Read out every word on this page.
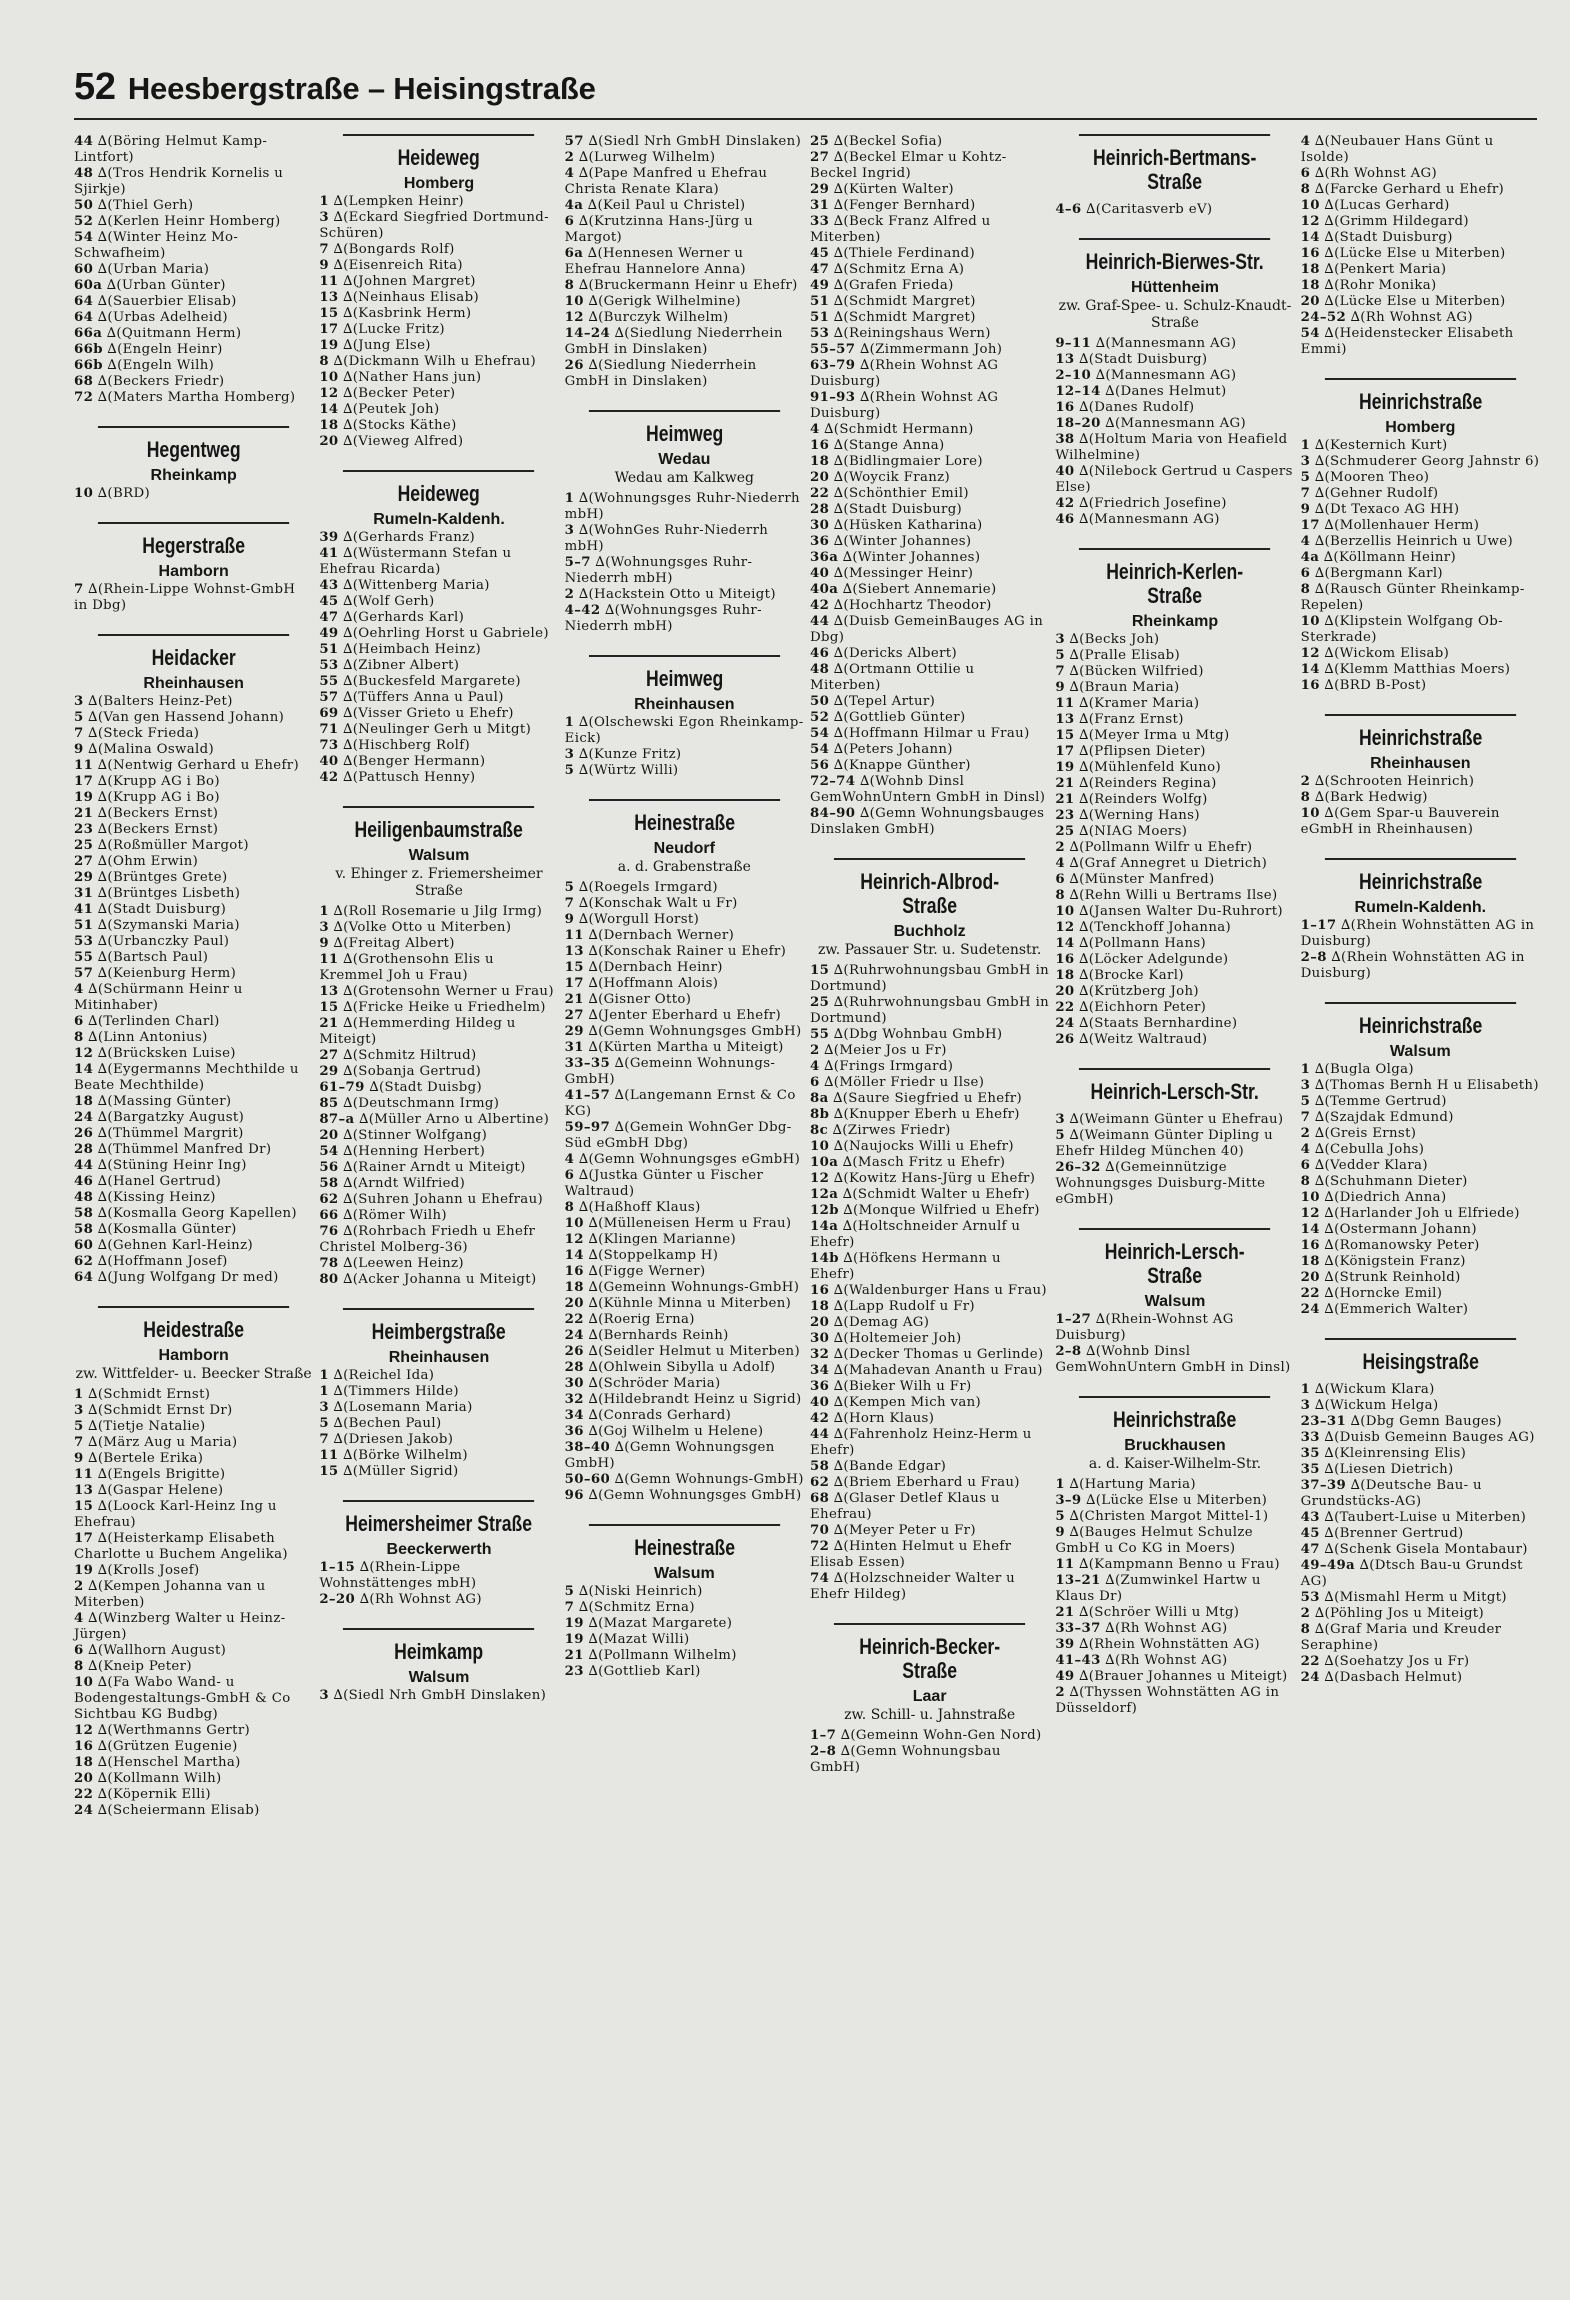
52 Heesbergstraße – Heisingstraße
44 ∆(Böring Helmut Kamp-Lintfort)
48 ∆(Tros Hendrik Kornelis u Sjirkje)
50 ∆(Thiel Gerh)
52 ∆(Kerlen Heinr Homberg)
54 ∆(Winter Heinz Mo-Schwafheim)
60 ∆(Urban Maria)
60a ∆(Urban Günter)
64 ∆(Sauerbier Elisab)
64 ∆(Urbas Adelheid)
66a ∆(Quitmann Herm)
66b ∆(Engeln Heinr)
66b ∆(Engeln Wilh)
68 ∆(Beckers Friedr)
72 ∆(Maters Martha Homberg)
Hegentweg
Rheinkamp
10 ∆(BRD)
Hegerstraße
Hamborn
7 ∆(Rhein-Lippe Wohnst-GmbH in Dbg)
Heidacker
Rheinhausen
3 ∆(Balters Heinz-Pet)
5 ∆(Van gen Hassend Johann)
7 ∆(Steck Frieda)
9 ∆(Malina Oswald)
11 ∆(Nentwig Gerhard u Ehefr)
17 ∆(Krupp AG i Bo)
19 ∆(Krupp AG i Bo)
21 ∆(Beckers Ernst)
23 ∆(Beckers Ernst)
25 ∆(Roßmüller Margot)
27 ∆(Ohm Erwin)
29 ∆(Brüntges Grete)
31 ∆(Brüntges Lisbeth)
41 ∆(Stadt Duisburg)
51 ∆(Szymanski Maria)
53 ∆(Urbanczky Paul)
55 ∆(Bartsch Paul)
57 ∆(Keienburg Herm)
4 ∆(Schürmann Heinr u Mitinhaber)
6 ∆(Terlinden Charl)
8 ∆(Linn Antonius)
12 ∆(Brücksken Luise)
14 ∆(Eygermanns Mechthilde u Beate Mechthilde)
18 ∆(Massing Günter)
24 ∆(Bargatzky August)
26 ∆(Thümmel Margrit)
28 ∆(Thümmel Manfred Dr)
44 ∆(Stüning Heinr Ing)
46 ∆(Hanel Gertrud)
48 ∆(Kissing Heinz)
58 ∆(Kosmalla Georg Kapellen)
58 ∆(Kosmalla Günter)
60 ∆(Gehnen Karl-Heinz)
62 ∆(Hoffmann Josef)
64 ∆(Jung Wolfgang Dr med)
Heidestraße
Hamborn
zw. Wittfelder- u. Beecker Straße
1 ∆(Schmidt Ernst)
3 ∆(Schmidt Ernst Dr)
5 ∆(Tietje Natalie)
7 ∆(März Aug u Maria)
9 ∆(Bertele Erika)
11 ∆(Engels Brigitte)
13 ∆(Gaspar Helene)
15 ∆(Loock Karl-Heinz Ing u Ehefrau)
17 ∆(Heisterkamp Elisabeth Charlotte u Buchem Angelika)
19 ∆(Krolls Josef)
2 ∆(Kempen Johanna van u Miterben)
4 ∆(Winzberg Walter u Heinz-Jürgen)
6 ∆(Wallhorn August)
8 ∆(Kneip Peter)
10 ∆(Fa Wabo Wand- u Bodengestaltungs-GmbH & Co Sichtbau KG Budbg)
12 ∆(Werthmanns Gertr)
16 ∆(Grützen Eugenie)
18 ∆(Henschel Martha)
20 ∆(Kollmann Wilh)
22 ∆(Köpernik Elli)
24 ∆(Scheiermann Elisab)
Heideweg
Homberg
1 ∆(Lempken Heinr)
3 ∆(Eckard Siegfried Dortmund-Schüren)
7 ∆(Bongards Rolf)
9 ∆(Eisenreich Rita)
11 ∆(Johnen Margret)
13 ∆(Neinhaus Elisab)
15 ∆(Kasbrink Herm)
17 ∆(Lucke Fritz)
19 ∆(Jung Else)
8 ∆(Dickmann Wilh u Ehefrau)
10 ∆(Nather Hans jun)
12 ∆(Becker Peter)
14 ∆(Peutek Joh)
18 ∆(Stocks Käthe)
20 ∆(Vieweg Alfred)
Heideweg
Rumeln-Kaldenh.
39 ∆(Gerhards Franz)
41 ∆(Wüstermann Stefan u Ehefrau Ricarda)
43 ∆(Wittenberg Maria)
45 ∆(Wolf Gerh)
47 ∆(Gerhards Karl)
49 ∆(Oehrling Horst u Gabriele)
51 ∆(Heimbach Heinz)
53 ∆(Zibner Albert)
55 ∆(Buckesfeld Margarete)
57 ∆(Tüffers Anna u Paul)
69 ∆(Visser Grieto u Ehefr)
71 ∆(Neulinger Gerh u Mitgt)
73 ∆(Hischberg Rolf)
40 ∆(Benger Hermann)
42 ∆(Pattusch Henny)
Heiligenbaumstraße
Walsum
v. Ehinger z. Friemersheimer Straße
1 ∆(Roll Rosemarie u Jilg Irmg)
3 ∆(Volke Otto u Miterben)
9 ∆(Freitag Albert)
11 ∆(Grothensohn Elis u Kremmel Joh u Frau)
13 ∆(Grotensohn Werner u Frau)
15 ∆(Fricke Heike u Friedhelm)
21 ∆(Hemmerding Hildeg u Miteigt)
27 ∆(Schmitz Hiltrud)
29 ∆(Sobanja Gertrud)
61–79 ∆(Stadt Duisbg)
85 ∆(Deutschmann Irmg)
87–a ∆(Müller Arno u Albertine)
20 ∆(Stinner Wolfgang)
54 ∆(Henning Herbert)
56 ∆(Rainer Arndt u Miteigt)
58 ∆(Arndt Wilfried)
62 ∆(Suhren Johann u Ehefrau)
66 ∆(Römer Wilh)
76 ∆(Rohrbach Friedh u Ehefr Christel Molberg-36)
78 ∆(Leewen Heinz)
80 ∆(Acker Johanna u Miteigt)
Heimbergstraße
Rheinhausen
1 ∆(Reichel Ida)
1 ∆(Timmers Hilde)
3 ∆(Losemann Maria)
5 ∆(Bechen Paul)
7 ∆(Driesen Jakob)
11 ∆(Börke Wilhelm)
15 ∆(Müller Sigrid)
Heimersheimer Straße
Beeckerwerth
1–15 ∆(Rhein-Lippe Wohnstättenges mbH)
2–20 ∆(Rh Wohnst AG)
Heimkamp
Walsum
3 ∆(Siedl Nrh GmbH Dinslaken)
57 ∆(Siedl Nrh GmbH Dinslaken)
2 ∆(Lurweg Wilhelm)
4 ∆(Pape Manfred u Ehefrau Christa Renate Klara)
4a ∆(Keil Paul u Christel)
6 ∆(Krutzinna Hans-Jürg u Margot)
6a ∆(Hennesen Werner u Ehefrau Hannelore Anna)
8 ∆(Bruckermann Heinr u Ehefr)
10 ∆(Gerigk Wilhelmine)
12 ∆(Burczyk Wilhelm)
14–24 ∆(Siedlung Niederrhein GmbH in Dinslaken)
26 ∆(Siedlung Niederrhein GmbH in Dinslaken)
Heimweg
Wedau
Wedau am Kalkweg
1 ∆(Wohnungsges Ruhr-Niederrh mbH)
3 ∆(WohnGes Ruhr-Niederrh mbH)
5–7 ∆(Wohnungsges Ruhr-Niederrh mbH)
2 ∆(Hackstein Otto u Miteigt)
4–42 ∆(Wohnungsges Ruhr-Niederrh mbH)
Heimweg
Rheinhausen
1 ∆(Olschewski Egon Rheinkamp-Eick)
3 ∆(Kunze Fritz)
5 ∆(Würtz Willi)
Heinestraße
Neudorf
a. d. Grabenstraße
5 ∆(Roegels Irmgard)
7 ∆(Konschak Walt u Fr)
9 ∆(Worgull Horst)
11 ∆(Dernbach Werner)
13 ∆(Konschak Rainer u Ehefr)
15 ∆(Dernbach Heinr)
17 ∆(Hoffmann Alois)
21 ∆(Gisner Otto)
27 ∆(Jenter Eberhard u Ehefr)
29 ∆(Gemn Wohnungsges GmbH)
31 ∆(Kürten Martha u Miteigt)
33–35 ∆(Gemeinn Wohnungs-GmbH)
41–57 ∆(Langemann Ernst & Co KG)
59–97 ∆(Gemein WohnGer Dbg-Süd eGmbH Dbg)
4 ∆(Gemn Wohnungsges eGmbH)
6 ∆(Justka Günter u Fischer Waltraud)
8 ∆(Haßhoff Klaus)
10 ∆(Mülleneisen Herm u Frau)
12 ∆(Klingen Marianne)
14 ∆(Stoppelkamp H)
16 ∆(Figge Werner)
18 ∆(Gemeinn Wohnungs-GmbH)
20 ∆(Kühnle Minna u Miterben)
22 ∆(Roerig Erna)
24 ∆(Bernhards Reinh)
26 ∆(Seidler Helmut u Miterben)
28 ∆(Ohlwein Sibylla u Adolf)
30 ∆(Schröder Maria)
32 ∆(Hildebrandt Heinz u Sigrid)
34 ∆(Conrads Gerhard)
36 ∆(Goj Wilhelm u Helene)
38–40 ∆(Gemn Wohnungsgen GmbH)
50–60 ∆(Gemn Wohnungs-GmbH)
96 ∆(Gemn Wohnungsges GmbH)
Heinestraße
Walsum
5 ∆(Niski Heinrich)
7 ∆(Schmitz Erna)
19 ∆(Mazat Margarete)
19 ∆(Mazat Willi)
21 ∆(Pollmann Wilhelm)
23 ∆(Gottlieb Karl)
25 ∆(Beckel Sofia)
27 ∆(Beckel Elmar u Kohtz-Beckel Ingrid)
29 ∆(Kürten Walter)
31 ∆(Fenger Bernhard)
33 ∆(Beck Franz Alfred u Miterben)
45 ∆(Thiele Ferdinand)
47 ∆(Schmitz Erna A)
49 ∆(Grafen Frieda)
51 ∆(Schmidt Margret)
51 ∆(Schmidt Margret)
53 ∆(Reiningshaus Wern)
55–57 ∆(Zimmermann Joh)
63–79 ∆(Rhein Wohnst AG Duisburg)
91–93 ∆(Rhein Wohnst AG Duisburg)
4 ∆(Schmidt Hermann)
16 ∆(Stange Anna)
18 ∆(Bidlingmaier Lore)
20 ∆(Woycik Franz)
22 ∆(Schönthier Emil)
28 ∆(Stadt Duisburg)
30 ∆(Hüsken Katharina)
36 ∆(Winter Johannes)
36a ∆(Winter Johannes)
40 ∆(Messinger Heinr)
40a ∆(Siebert Annemarie)
42 ∆(Hochhartz Theodor)
44 ∆(Duisb GemeinBauges AG in Dbg)
46 ∆(Dericks Albert)
48 ∆(Ortmann Ottilie u Miterben)
50 ∆(Tepel Artur)
52 ∆(Gottlieb Günter)
54 ∆(Hoffmann Hilmar u Frau)
54 ∆(Peters Johann)
56 ∆(Knappe Günther)
72–74 ∆(Wohnb Dinsl GemWohnUntern GmbH in Dinsl)
84–90 ∆(Gemn Wohnungsbauges Dinslaken GmbH)
Heinrich-Albrod-Straße
Buchholz
zw. Passauer Str. u. Sudetenstr.
15 ∆(Ruhrwohnungsbau GmbH in Dortmund)
25 ∆(Ruhrwohnungsbau GmbH in Dortmund)
55 ∆(Dbg Wohnbau GmbH)
2 ∆(Meier Jos u Fr)
4 ∆(Frings Irmgard)
6 ∆(Möller Friedr u Ilse)
8a ∆(Saure Siegfried u Ehefr)
8b ∆(Knupper Eberh u Ehefr)
8c ∆(Zirwes Friedr)
10 ∆(Naujocks Willi u Ehefr)
10a ∆(Masch Fritz u Ehefr)
12 ∆(Kowitz Hans-Jürg u Ehefr)
12a ∆(Schmidt Walter u Ehefr)
12b ∆(Monque Wilfried u Ehefr)
14a ∆(Holtschneider Arnulf u Ehefr)
14b ∆(Höfkens Hermann u Ehefr)
16 ∆(Waldenburger Hans u Frau)
18 ∆(Lapp Rudolf u Fr)
20 ∆(Demag AG)
30 ∆(Holtemeier Joh)
32 ∆(Decker Thomas u Gerlinde)
34 ∆(Mahadevan Ananth u Frau)
36 ∆(Bieker Wilh u Fr)
40 ∆(Kempen Mich van)
42 ∆(Horn Klaus)
44 ∆(Fahrenholz Heinz-Herm u Ehefr)
58 ∆(Bande Edgar)
62 ∆(Briem Eberhard u Frau)
68 ∆(Glaser Detlef Klaus u Ehefrau)
70 ∆(Meyer Peter u Fr)
72 ∆(Hinten Helmut u Ehefr Elisab Essen)
74 ∆(Holzschneider Walter u Ehefr Hildeg)
Heinrich-Becker-Straße
Laar
zw. Schill- u. Jahnstraße
1–7 ∆(Gemeinn Wohn-Gen Nord)
2–8 ∆(Gemn Wohnungsbau GmbH)
Heinrich-Bertmans-Straße
4–6 ∆(Caritasverb eV)
Heinrich-Bierwes-Str.
Hüttenheim
zw. Graf-Spee- u. Schulz-Knaudt-Straße
9–11 ∆(Mannesmann AG)
13 ∆(Stadt Duisburg)
2–10 ∆(Mannesmann AG)
12–14 ∆(Danes Helmut)
16 ∆(Danes Rudolf)
18–20 ∆(Mannesmann AG)
38 ∆(Holtum Maria von Heafield Wilhelmine)
40 ∆(Nilebock Gertrud u Caspers Else)
42 ∆(Friedrich Josefine)
46 ∆(Mannesmann AG)
Heinrich-Kerlen-Straße
Rheinkamp
3 ∆(Becks Joh)
5 ∆(Pralle Elisab)
7 ∆(Bücken Wilfried)
9 ∆(Braun Maria)
11 ∆(Kramer Maria)
13 ∆(Franz Ernst)
15 ∆(Meyer Irma u Mtg)
17 ∆(Pflipsen Dieter)
19 ∆(Mühlenfeld Kuno)
21 ∆(Reinders Regina)
21 ∆(Reinders Wolfg)
23 ∆(Werning Hans)
25 ∆(NIAG Moers)
2 ∆(Pollmann Wilfr u Ehefr)
4 ∆(Graf Annegret u Dietrich)
6 ∆(Münster Manfred)
8 ∆(Rehn Willi u Bertrams Ilse)
10 ∆(Jansen Walter Du-Ruhrort)
12 ∆(Tenckhoff Johanna)
14 ∆(Pollmann Hans)
16 ∆(Löcker Adelgunde)
18 ∆(Brocke Karl)
20 ∆(Krützberg Joh)
22 ∆(Eichhorn Peter)
24 ∆(Staats Bernhardine)
26 ∆(Weitz Waltraud)
Heinrich-Lersch-Str.
3 ∆(Weimann Günter u Ehefrau)
5 ∆(Weimann Günter Dipling u Ehefr Hildeg München 40)
26–32 ∆(Gemeinnützige Wohnungsges Duisburg-Mitte eGmbH)
Heinrich-Lersch-Straße
Walsum
1–27 ∆(Rhein-Wohnst AG Duisburg)
2–8 ∆(Wohnb Dinsl GemWohnUntern GmbH in Dinsl)
Heinrichstraße
Bruckhausen
a. d. Kaiser-Wilhelm-Str.
1 ∆(Hartung Maria)
3–9 ∆(Lücke Else u Miterben)
5 ∆(Christen Margot Mittel-1)
9 ∆(Bauges Helmut Schulze GmbH u Co KG in Moers)
11 ∆(Kampmann Benno u Frau)
13–21 ∆(Zumwinkel Hartw u Klaus Dr)
21 ∆(Schröer Willi u Mtg)
33–37 ∆(Rh Wohnst AG)
39 ∆(Rhein Wohnstätten AG)
41–43 ∆(Rh Wohnst AG)
49 ∆(Brauer Johannes u Miteigt)
2 ∆(Thyssen Wohnstätten AG in Düsseldorf)
4 ∆(Neubauer Hans Günt u Isolde)
6 ∆(Rh Wohnst AG)
8 ∆(Farcke Gerhard u Ehefr)
10 ∆(Lucas Gerhard)
12 ∆(Grimm Hildegard)
14 ∆(Stadt Duisburg)
16 ∆(Lücke Else u Miterben)
18 ∆(Penkert Maria)
18 ∆(Rohr Monika)
20 ∆(Lücke Else u Miterben)
24–52 ∆(Rh Wohnst AG)
54 ∆(Heidenstecker Elisabeth Emmi)
Heinrichstraße
Homberg
1 ∆(Kesternich Kurt)
3 ∆(Schmuderer Georg Jahnstr 6)
5 ∆(Mooren Theo)
7 ∆(Gehner Rudolf)
9 ∆(Dt Texaco AG HH)
17 ∆(Mollenhauer Herm)
4 ∆(Berzellis Heinrich u Uwe)
4a ∆(Köllmann Heinr)
6 ∆(Bergmann Karl)
8 ∆(Rausch Günter Rheinkamp-Repelen)
10 ∆(Klipstein Wolfgang Ob-Sterkrade)
12 ∆(Wickom Elisab)
14 ∆(Klemm Matthias Moers)
16 ∆(BRD B-Post)
Heinrichstraße
Rheinhausen
2 ∆(Schrooten Heinrich)
8 ∆(Bark Hedwig)
10 ∆(Gem Spar-u Bauverein eGmbH in Rheinhausen)
Heinrichstraße
Rumeln-Kaldenh.
1–17 ∆(Rhein Wohnstätten AG in Duisburg)
2–8 ∆(Rhein Wohnstätten AG in Duisburg)
Heinrichstraße
Walsum
1 ∆(Bugla Olga)
3 ∆(Thomas Bernh H u Elisabeth)
5 ∆(Temme Gertrud)
7 ∆(Szajdak Edmund)
2 ∆(Greis Ernst)
4 ∆(Cebulla Johs)
6 ∆(Vedder Klara)
8 ∆(Schuhmann Dieter)
10 ∆(Diedrich Anna)
12 ∆(Harlander Joh u Elfriede)
14 ∆(Ostermann Johann)
16 ∆(Romanowsky Peter)
18 ∆(Königstein Franz)
20 ∆(Strunk Reinhold)
22 ∆(Horncke Emil)
24 ∆(Emmerich Walter)
Heisingstraße
1 ∆(Wickum Klara)
3 ∆(Wickum Helga)
23–31 ∆(Dbg Gemn Bauges)
33 ∆(Duisb Gemeinn Bauges AG)
35 ∆(Kleinrensing Elis)
35 ∆(Liesen Dietrich)
37–39 ∆(Deutsche Bau- u Grundstücks-AG)
43 ∆(Taubert-Luise u Miterben)
45 ∆(Brenner Gertrud)
47 ∆(Schenk Gisela Montabaur)
49–49a ∆(Dtsch Bau-u Grundst AG)
53 ∆(Mismahl Herm u Mitgt)
2 ∆(Pöhling Jos u Miteigt)
8 ∆(Graf Maria und Kreuder Seraphine)
22 ∆(Soehatzy Jos u Fr)
24 ∆(Dasbach Helmut)
